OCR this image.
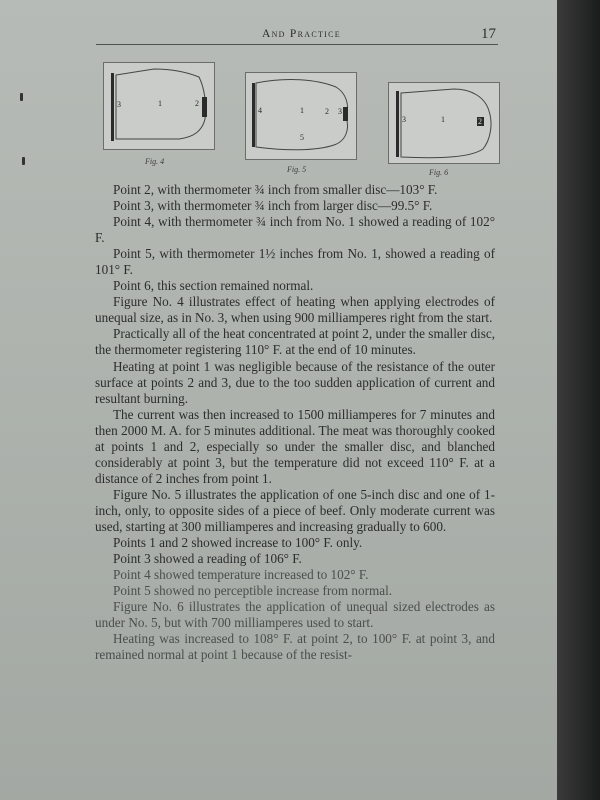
And Practice	17
3	1	2
Fig. 4
4	1	2 3
5
Fig. 5
3	1	2
Fig. 6

Point 2, with thermometer ¾ inch from smaller disc—103° F.

Point 3, with thermometer ¾ inch from larger disc—99.5° F.

Point 4, with thermometer ¾ inch from No. 1 showed a reading of 102° F.

Point 5, with thermometer 1½ inches from No. 1, showed a reading of 101° F.

Point 6, this section remained normal.

Figure No. 4 illustrates effect of heating when applying electrodes of unequal size, as in No. 3, when using 900 milliamperes right from the start.

Practically all of the heat concentrated at point 2, under the smaller disc, the thermometer registering 110° F. at the end of 10 minutes.

Heating at point 1 was negligible because of the resistance of the outer surface at points 2 and 3, due to the too sudden application of current and resultant burning.

The current was then increased to 1500 milliamperes for 7 minutes and then 2000 M. A. for 5 minutes additional. The meat was thoroughly cooked at points 1 and 2, especially so under the smaller disc, and blanched considerably at point 3, but the temperature did not exceed 110° F. at a distance of 2 inches from point 1.

Figure No. 5 illustrates the application of one 5-inch disc and one of 1-inch, only, to opposite sides of a piece of beef. Only moderate current was used, starting at 300 milliamperes and increasing gradually to 600.

Points 1 and 2 showed increase to 100° F. only.

Point 3 showed a reading of 106° F.

Point 4 showed temperature increased to 102° F.

Point 5 showed no perceptible increase from normal.

Figure No. 6 illustrates the application of unequal sized electrodes as under No. 5, but with 700 milliamperes used to start.

Heating was increased to 108° F. at point 2, to 100° F. at point 3, and remained normal at point 1 because of the resist-
